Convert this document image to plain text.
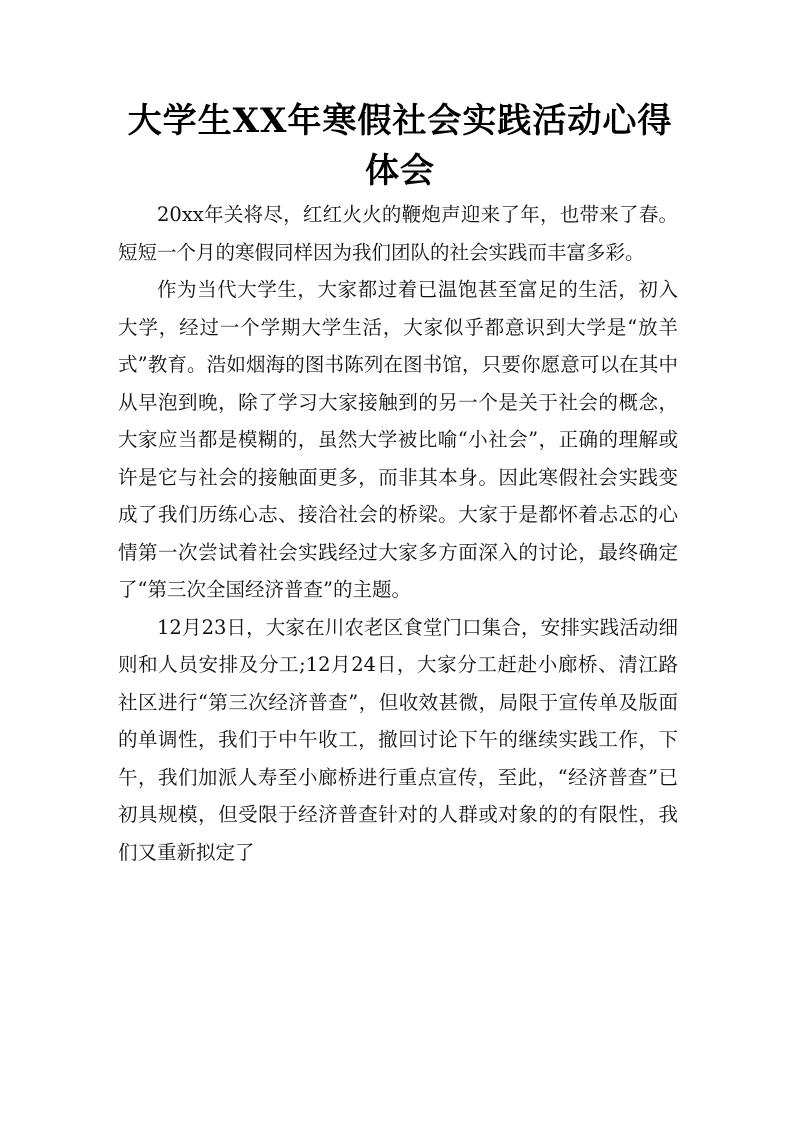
大学生XX年寒假社会实践活动心得体会

20xx年关将尽，红红火火的鞭炮声迎来了年，也带来了春。短短一个月的寒假同样因为我们团队的社会实践而丰富多彩。

作为当代大学生，大家都过着已温饱甚至富足的生活，初入大学，经过一个学期大学生活，大家似乎都意识到大学是“放羊式”教育。浩如烟海的图书陈列在图书馆，只要你愿意可以在其中从早泡到晚，除了学习大家接触到的另一个是关于社会的概念，大家应当都是模糊的，虽然大学被比喻“小社会”，正确的理解或许是它与社会的接触面更多，而非其本身。因此寒假社会实践变成了我们历练心志、接洽社会的桥梁。大家于是都怀着忐忑的心情第一次尝试着社会实践经过大家多方面深入的讨论，最终确定了“第三次全国经济普查”的主题。

12月23日，大家在川农老区食堂门口集合，安排实践活动细则和人员安排及分工;12月24日，大家分工赶赴小廊桥、清江路社区进行“第三次经济普查”，但收效甚微，局限于宣传单及版面的单调性，我们于中午收工，撤回讨论下午的继续实践工作，下午，我们加派人寿至小廊桥进行重点宣传，至此，“经济普查”已初具规模，但受限于经济普查针对的人群或对象的的有限性，我们又重新拟定了
